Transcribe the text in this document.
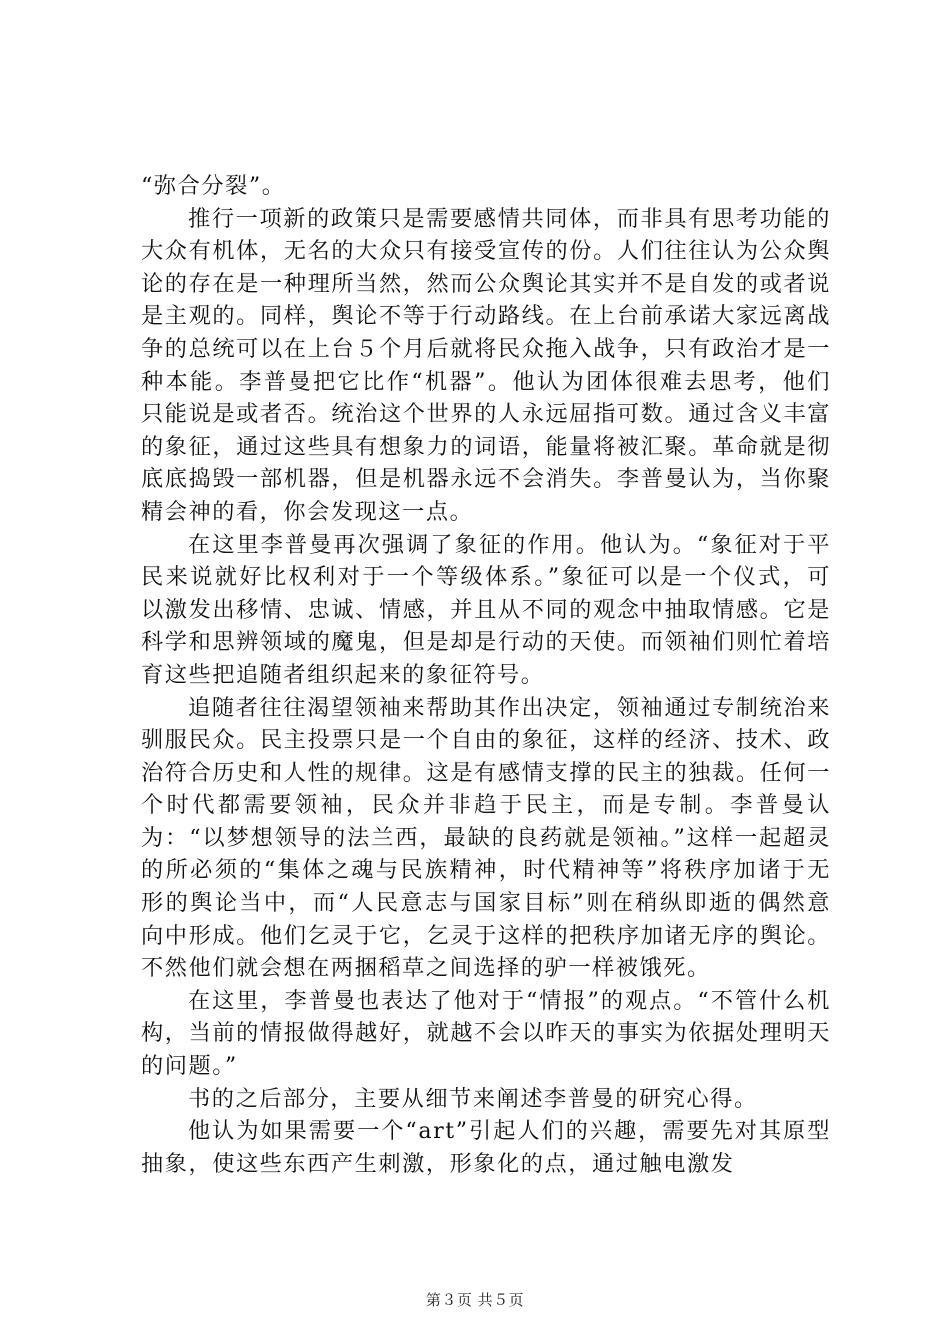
“弥合分裂”。

推行一项新的政策只是需要感情共同体，而非具有思考功能的大众有机体，无名的大众只有接受宣传的份。人们往往认为公众舆论的存在是一种理所当然，然而公众舆论其实并不是自发的或者说是主观的。同样，舆论不等于行动路线。在上台前承诺大家远离战争的总统可以在上台５个月后就将民众拖入战争，只有政治才是一种本能。李普曼把它比作“机器”。他认为团体很难去思考，他们只能说是或者否。统治这个世界的人永远屈指可数。通过含义丰富的象征，通过这些具有想象力的词语，能量将被汇聚。革命就是彻底底捣毁一部机器，但是机器永远不会消失。李普曼认为，当你聚精会神的看，你会发现这一点。

在这里李普曼再次强调了象征的作用。他认为。“象征对于平民来说就好比权利对于一个等级体系。”象征可以是一个仪式，可以激发出移情、忠诚、情感，并且从不同的观念中抽取情感。它是科学和思辨领域的魔鬼，但是却是行动的天使。而领袖们则忙着培育这些把追随者组织起来的象征符号。

追随者往往渴望领袖来帮助其作出决定，领袖通过专制统治来驯服民众。民主投票只是一个自由的象征，这样的经济、技术、政治符合历史和人性的规律。这是有感情支撑的民主的独裁。任何一个时代都需要领袖，民众并非趋于民主，而是专制。李普曼认为：“以梦想领导的法兰西，最缺的良药就是领袖。”这样一起超灵的所必须的“集体之魂与民族精神，时代精神等”将秩序加诸于无形的舆论当中，而“人民意志与国家目标”则在稍纵即逝的偶然意向中形成。他们乞灵于它，乞灵于这样的把秩序加诸无序的舆论。不然他们就会想在两捆稻草之间选择的驴一样被饿死。

在这里，李普曼也表达了他对于“情报”的观点。“不管什么机构，当前的情报做得越好，就越不会以昨天的事实为依据处理明天的问题。”

书的之后部分，主要从细节来阐述李普曼的研究心得。

他认为如果需要一个“art”引起人们的兴趣，需要先对其原型抽象，使这些东西产生刺激，形象化的点，通过触电激发

第３页 共５页
